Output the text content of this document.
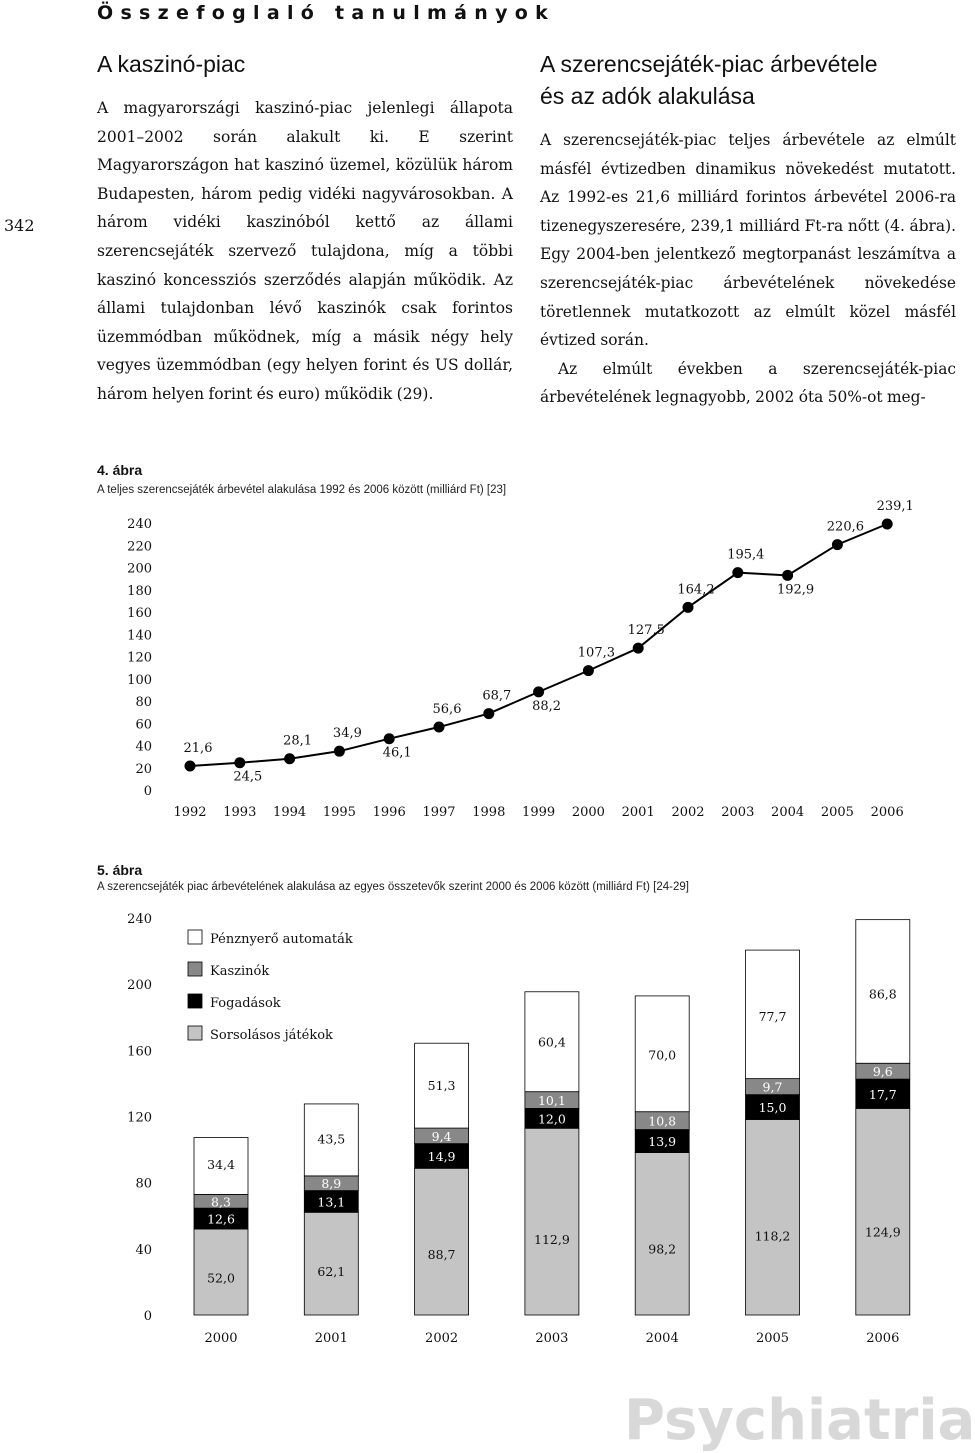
Összefoglaló tanulmányok
342
A kaszinó-piac

A magyarországi kaszinó-piac jelenlegi állapota 2001–2002 során alakult ki. E szerint Magyarországon hat kaszinó üzemel, közülük három Budapesten, három pedig vidéki nagyvárosokban. A három vidéki kaszinóból kettő az állami szerencsejáték szervező tulajdona, míg a többi kaszinó koncessziós szerződés alapján működik. Az állami tulajdonban lévő kaszinók csak forintos üzemmódban működnek, míg a másik négy hely vegyes üzemmódban (egy helyen forint és US dollár, három helyen forint és euro) működik (29).

A szerencsejáték-piac árbevétele
és az adók alakulása

A szerencsejáték-piac teljes árbevétele az elmúlt másfél évtizedben dinamikus növekedést mutatott. Az 1992-es 21,6 milliárd forintos árbevétel 2006-ra tizenegyszeresére, 239,1 milliárd Ft-ra nőtt (4. ábra). Egy 2004-ben jelentkező megtorpanást leszámítva a szerencsejáték-piac árbevételének növekedése töretlennek mutatkozott az elmúlt közel másfél évtized során.

Az elmúlt években a szerencsejáték-piac árbevételének legnagyobb, 2002 óta 50%-ot meg-

4. ábra
A teljes szerencsejáték árbevétel alakulása 1992 és 2006 között (milliárd Ft) [23]
240
220
200
180
160
140
120
100
80
60
40
20
0
1992 1993 1994 1995 1996 1997 1998 1999 2000 2001 2002 2003 2004 2005 2006
21,6
24,5
28,1
34,9
46,1
56,6
68,7
88,2
107,3
127,5
164,2
195,4
192,9
220,6
239,1
5. ábra
A szerencsejáték piac árbevételének alakulása az egyes összetevők szerint 2000 és 2006 között (milliárd Ft) [24-29]
240
200
160
120
80
40
0
2000
52,0
12,6
8,3
34,4
2001
62,1
13,1
8,9
43,5
2002
88,7
14,9
9,4
51,3
2003
112,9
12,0
10,1
60,4
2004
98,2
13,9
10,8
70,0
2005
118,2
15,0
9,7
77,7
2006
124,9
17,7
9,6
86,8
Pénznyerő automaták
Kaszinók
Fogadások
Sorsolásos játékok
Psychiatria
